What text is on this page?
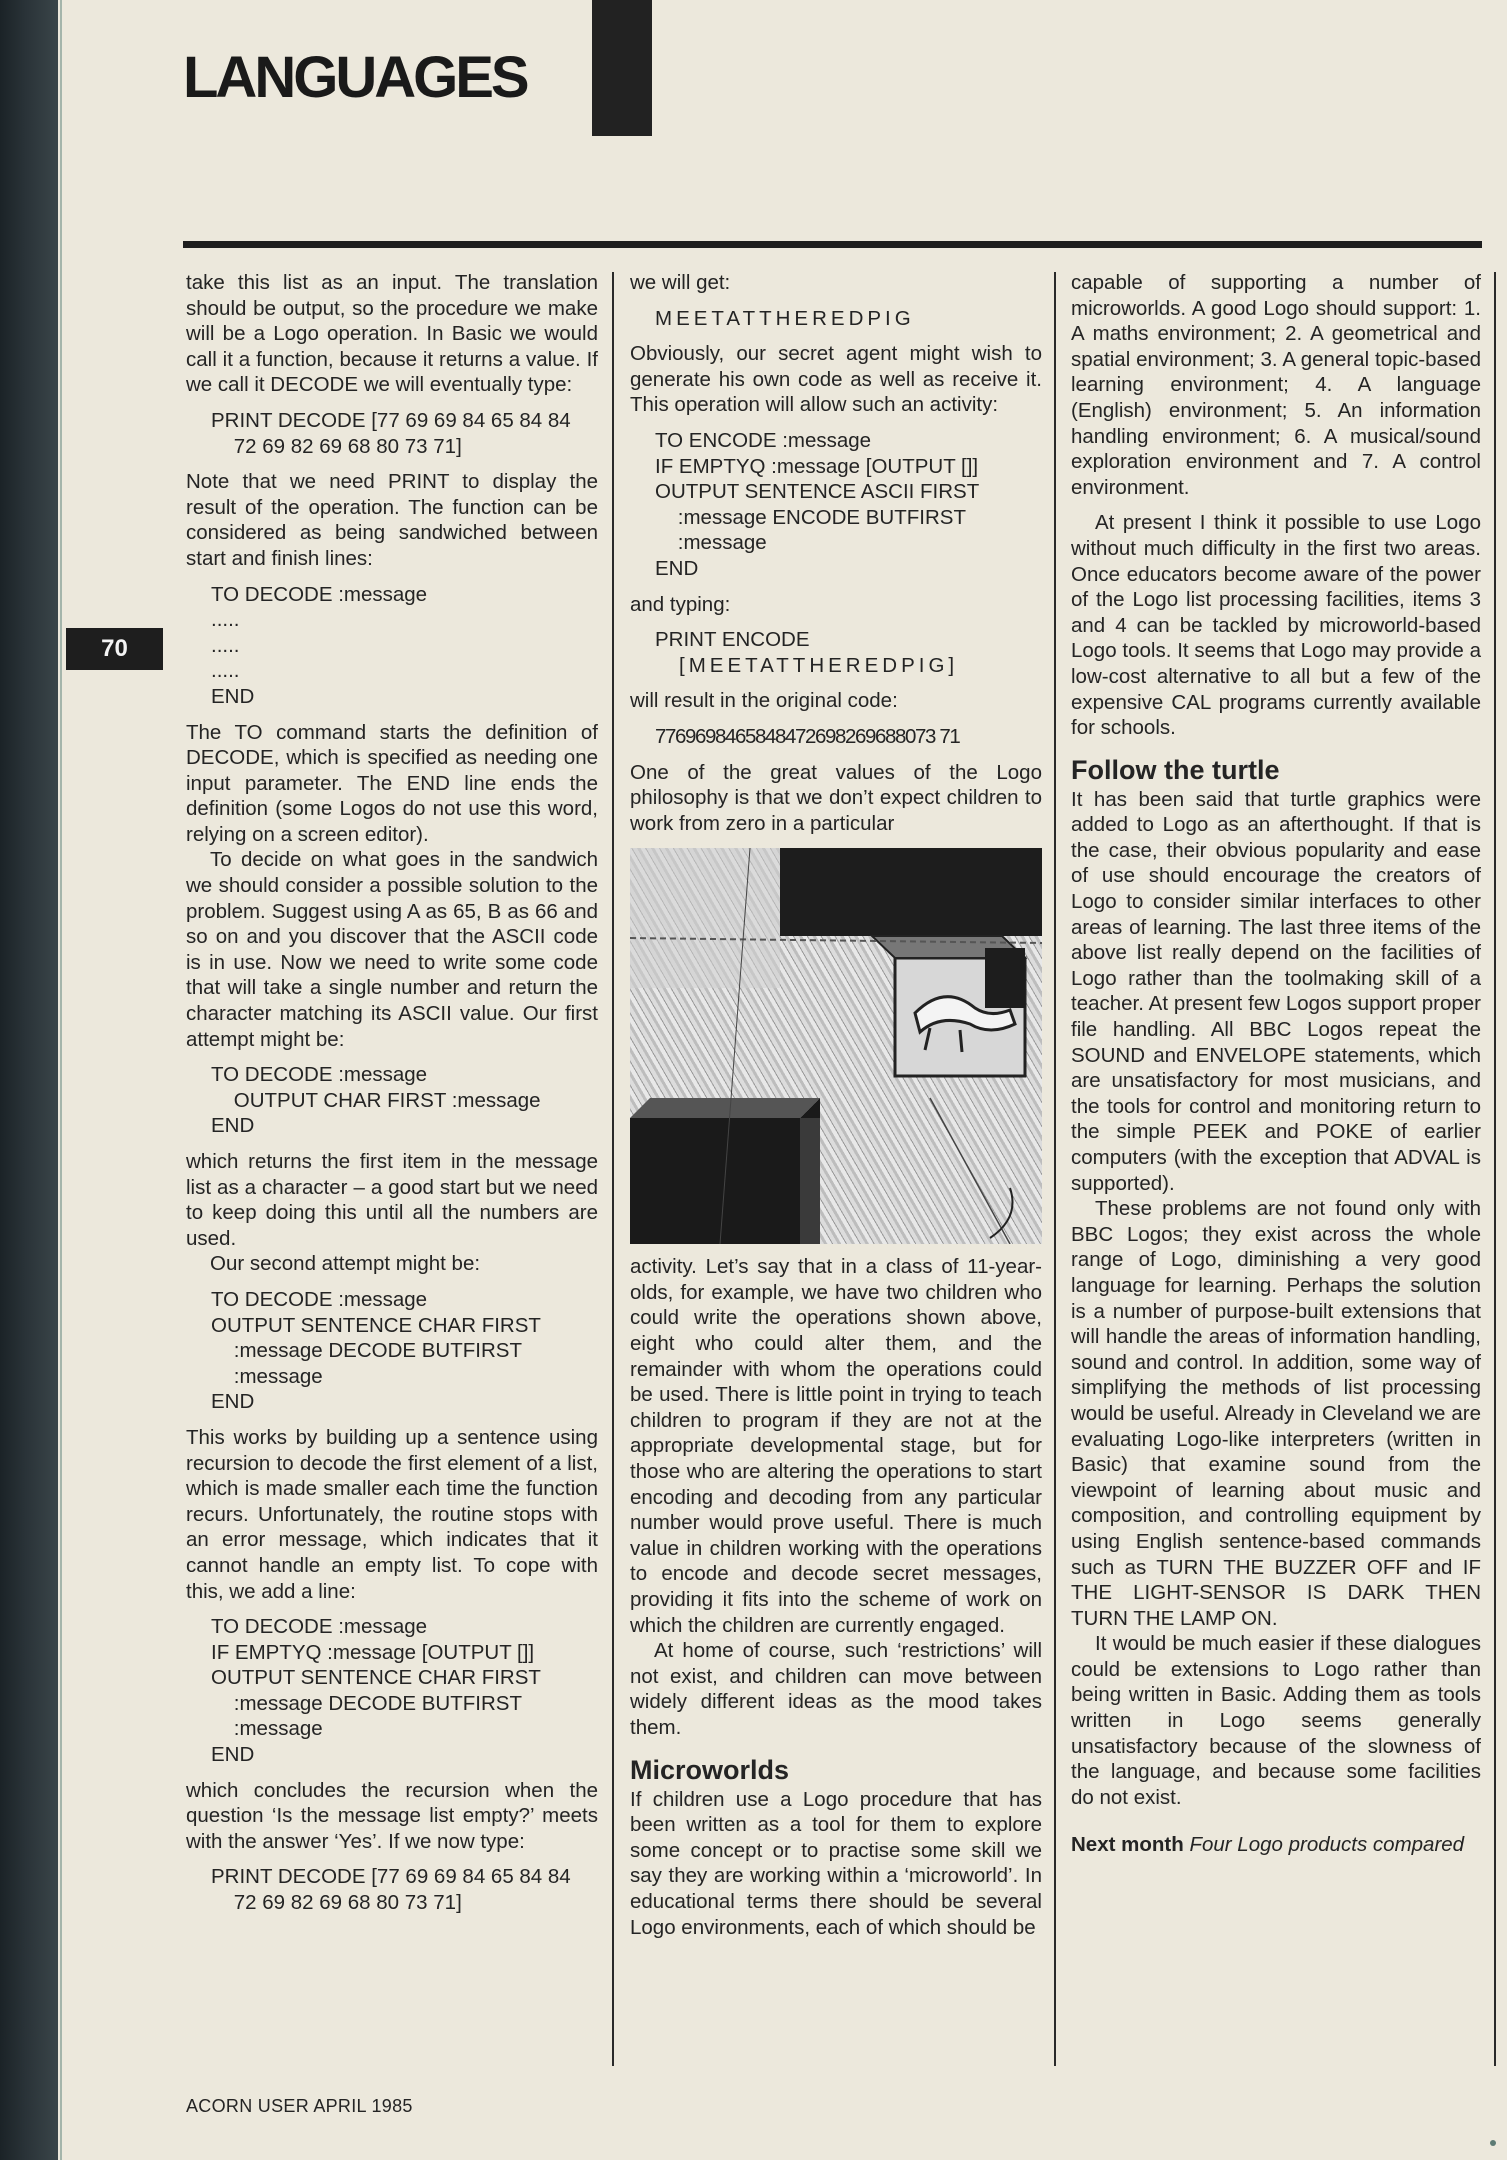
LANGUAGES
70

take this list as an input. The translation should be output, so the procedure we make will be a Logo operation. In Basic we would call it a function, because it returns a value. If we call it DECODE we will eventually type:

PRINT DECODE [77 69 69 84 65 84 84
72 69 82 69 68 80 73 71]

Note that we need PRINT to display the result of the operation. The function can be considered as being sandwiched between start and finish lines:

TO DECODE :message
.....
.....
.....
END

The TO command starts the definition of DECODE, which is specified as needing one input parameter. The END line ends the definition (some Logos do not use this word, relying on a screen editor).

To decide on what goes in the sandwich we should consider a possible solution to the problem. Suggest using A as 65, B as 66 and so on and you discover that the ASCII code is in use. Now we need to write some code that will take a single number and return the character matching its ASCII value. Our first attempt might be:

TO DECODE :message
OUTPUT CHAR FIRST :message
END

which returns the first item in the message list as a character – a good start but we need to keep doing this until all the numbers are used.

Our second attempt might be:

TO DECODE :message
OUTPUT SENTENCE CHAR FIRST
:message DECODE BUTFIRST
:message
END

This works by building up a sentence using recursion to decode the first element of a list, which is made smaller each time the function recurs. Unfortunately, the routine stops with an error message, which indicates that it cannot handle an empty list. To cope with this, we add a line:

TO DECODE :message
IF EMPTYQ :message [OUTPUT []]
OUTPUT SENTENCE CHAR FIRST
:message DECODE BUTFIRST
:message
END

which concludes the recursion when the question ‘Is the message list empty?’ meets with the answer ‘Yes’. If we now type:

PRINT DECODE [77 69 69 84 65 84 84
72 69 82 69 68 80 73 71]

we will get:

MEETATTHEREDPIG

Obviously, our secret agent might wish to generate his own code as well as receive it. This operation will allow such an activity:

TO ENCODE :message
IF EMPTYQ :message [OUTPUT []]
OUTPUT SENTENCE ASCII FIRST
:message ENCODE BUTFIRST
:message
END

and typing:

PRINT ENCODE
[MEETATTHEREDPIG]

will result in the original code:

7769698465848472698269688073 71

One of the great values of the Logo philosophy is that we don’t expect children to work from zero in a particular

activity. Let’s say that in a class of 11-year-olds, for example, we have two children who could write the operations shown above, eight who could alter them, and the remainder with whom the operations could be used. There is little point in trying to teach children to program if they are not at the appropriate developmental stage, but for those who are altering the operations to start encoding and decoding from any particular number would prove useful. There is much value in children working with the operations to encode and decode secret messages, providing it fits into the scheme of work on which the children are currently engaged.

At home of course, such ‘restrictions’ will not exist, and children can move between widely different ideas as the mood takes them.

Microworlds

If children use a Logo procedure that has been written as a tool for them to explore some concept or to practise some skill we say they are working within a ‘microworld’. In educational terms there should be several Logo environments, each of which should be

capable of supporting a number of microworlds. A good Logo should support: 1. A maths environment; 2. A geometrical and spatial environment; 3. A general topic-based learning environment; 4. A language (English) environment; 5. An information handling environment; 6. A musical/sound exploration environment and 7. A control environment.

At present I think it possible to use Logo without much difficulty in the first two areas. Once educators become aware of the power of the Logo list processing facilities, items 3 and 4 can be tackled by microworld-based Logo tools. It seems that Logo may provide a low-cost alternative to all but a few of the expensive CAL programs currently available for schools.

Follow the turtle

It has been said that turtle graphics were added to Logo as an afterthought. If that is the case, their obvious popularity and ease of use should encourage the creators of Logo to consider similar interfaces to other areas of learning. The last three items of the above list really depend on the facilities of Logo rather than the toolmaking skill of a teacher. At present few Logos support proper file handling. All BBC Logos repeat the SOUND and ENVELOPE statements, which are unsatisfactory for most musicians, and the tools for control and monitoring return to the simple PEEK and POKE of earlier computers (with the exception that ADVAL is supported).

These problems are not found only with BBC Logos; they exist across the whole range of Logo, diminishing a very good language for learning. Perhaps the solution is a number of purpose-built extensions that will handle the areas of information handling, sound and control. In addition, some way of simplifying the methods of list processing would be useful. Already in Cleveland we are evaluating Logo-like interpreters (written in Basic) that examine sound from the viewpoint of learning about music and composition, and controlling equipment by using English sentence-based commands such as TURN THE BUZZER OFF and IF THE LIGHT-SENSOR IS DARK THEN TURN THE LAMP ON.

It would be much easier if these dialogues could be extensions to Logo rather than being written in Basic. Adding them as tools written in Logo seems generally unsatisfactory because of the slowness of the language, and because some facilities do not exist.

Next month Four Logo products compared

ACORN USER APRIL 1985
